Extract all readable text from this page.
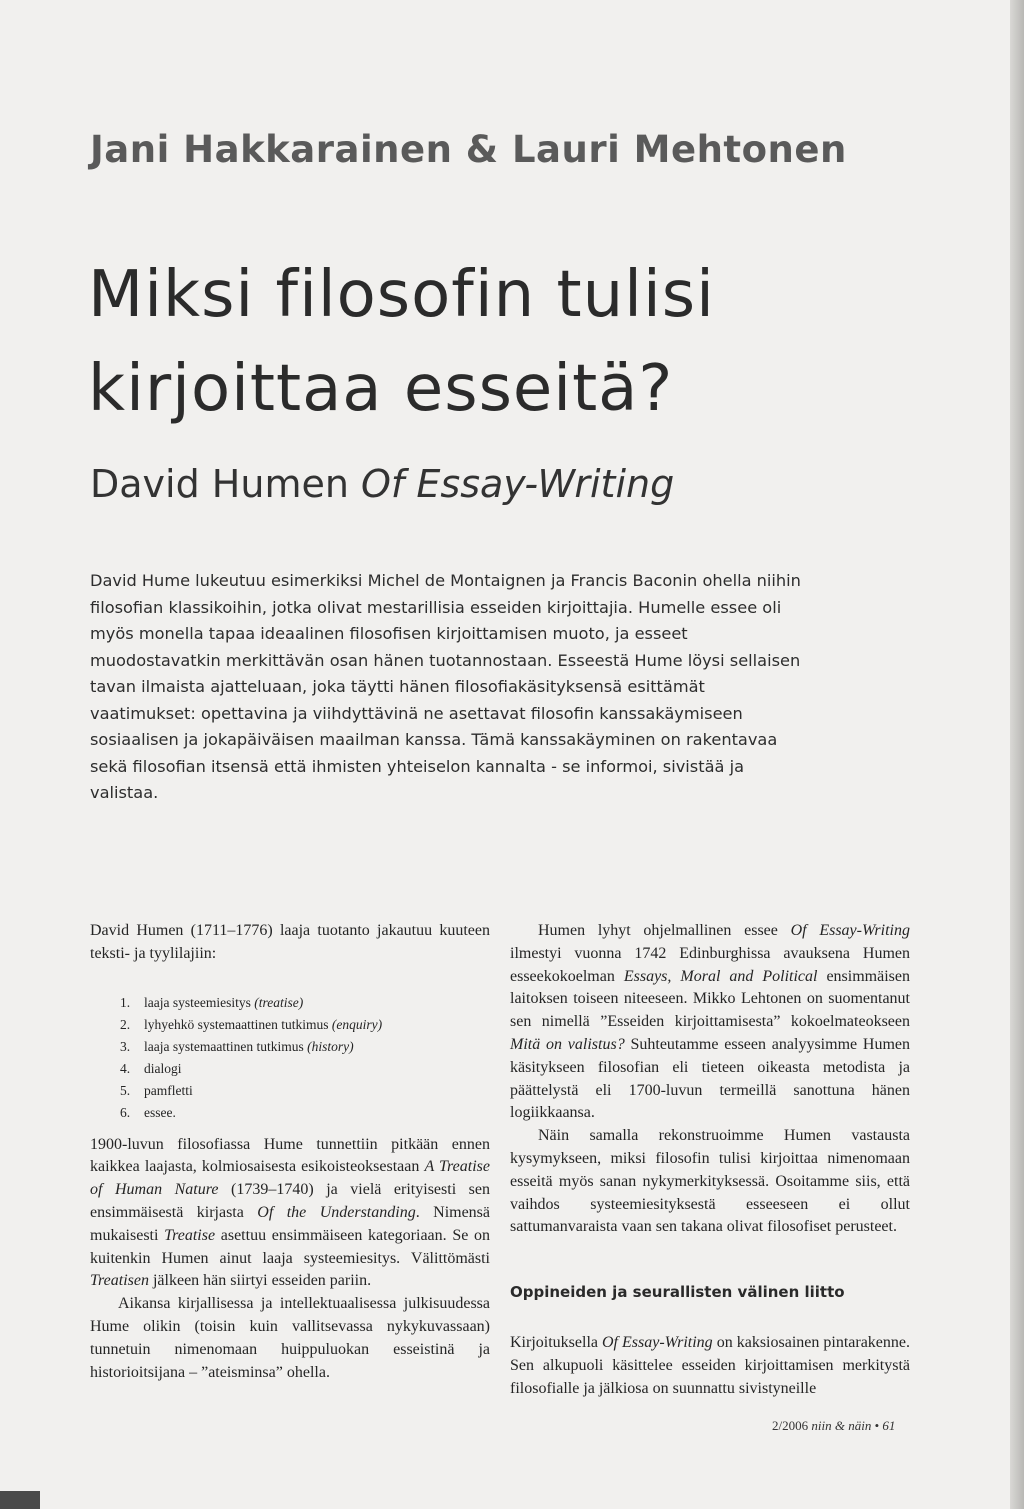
Jani Hakkarainen & Lauri Mehtonen
Miksi filosofin tulisi
kirjoittaa esseitä?
David Humen Of Essay-Writing

David Hume lukeutuu esimerkiksi Michel de Montaignen ja Francis Baconin ohella niihin filosofian klassikoihin, jotka olivat mestarillisia esseiden kirjoittajia. Humelle essee oli myös monella tapaa ideaalinen filosofisen kirjoittamisen muoto, ja esseet muodostavatkin merkittävän osan hänen tuotannostaan. Esseestä Hume löysi sellaisen tavan ilmaista ajatteluaan, joka täytti hänen filosofiakäsityksensä esittämät vaatimukset: opettavina ja viihdyttävinä ne asettavat filosofin kanssakäymiseen sosiaalisen ja jokapäiväisen maailman kanssa. Tämä kanssakäyminen on rakentavaa sekä filosofian itsensä että ihmisten yhteiselon kannalta - se informoi, sivistää ja valistaa.

David Humen (1711–1776) laaja tuotanto jakautuu kuuteen teksti- ja tyylilajiin:

1. laaja systeemiesitys (treatise)
2. lyhyehkö systemaattinen tutkimus (enquiry)
3. laaja systemaattinen tutkimus (history)
4. dialogi
5. pamfletti
6. essee.

1900-luvun filosofiassa Hume tunnettiin pitkään ennen kaikkea laajasta, kolmiosaisesta esikoisteoksestaan A Treatise of Human Nature (1739–1740) ja vielä erityisesti sen ensimmäisestä kirjasta Of the Understanding. Nimensä mukaisesti Treatise asettuu ensimmäiseen kategoriaan. Se on kuitenkin Humen ainut laaja systeemiesitys. Välittömästi Treatisen jälkeen hän siirtyi esseiden pariin.

Aikansa kirjallisessa ja intellektuaalisessa julkisuudessa Hume olikin (toisin kuin vallitsevassa nykykuvassaan) tunnetuin nimenomaan huippuluokan esseistinä ja historioitsijana – ”ateisminsa” ohella.

Humen lyhyt ohjelmallinen essee Of Essay-Writing ilmestyi vuonna 1742 Edinburghissa avauksena Humen esseekokoelman Essays, Moral and Political ensimmäisen laitoksen toiseen niteeseen. Mikko Lehtonen on suomentanut sen nimellä ”Esseiden kirjoittamisesta” kokoelmateokseen Mitä on valistus? Suhteutamme esseen analyysimme Humen käsitykseen filosofian eli tieteen oikeasta metodista ja päättelystä eli 1700-luvun termeillä sanottuna hänen logiikkaansa.

Näin samalla rekonstruoimme Humen vastausta kysymykseen, miksi filosofin tulisi kirjoittaa nimenomaan esseitä myös sanan nykymerkityksessä. Osoitamme siis, että vaihdos systeemiesityksestä esseeseen ei ollut sattumanvaraista vaan sen takana olivat filosofiset perusteet.

Oppineiden ja seurallisten välinen liitto

Kirjoituksella Of Essay-Writing on kaksiosainen pintarakenne. Sen alkupuoli käsittelee esseiden kirjoittamisen merkitystä filosofialle ja jälkiosa on suunnattu sivistyneille

2/2006 niin & näin • 61
